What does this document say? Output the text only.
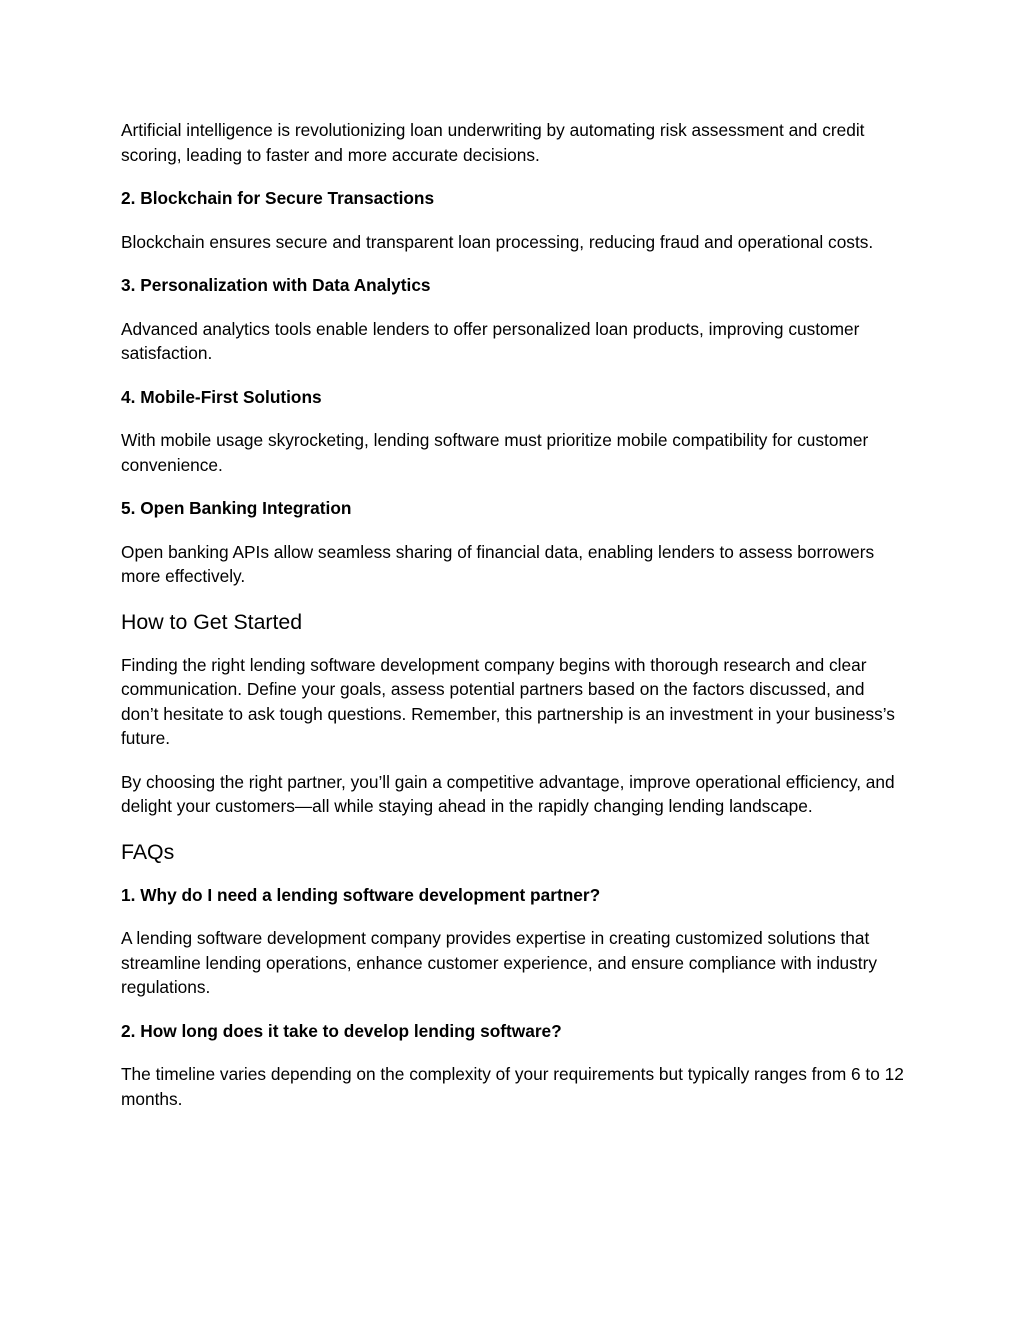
Artificial intelligence is revolutionizing loan underwriting by automating risk assessment and credit scoring, leading to faster and more accurate decisions.

2. Blockchain for Secure Transactions

Blockchain ensures secure and transparent loan processing, reducing fraud and operational costs.

3. Personalization with Data Analytics

Advanced analytics tools enable lenders to offer personalized loan products, improving customer satisfaction.

4. Mobile-First Solutions

With mobile usage skyrocketing, lending software must prioritize mobile compatibility for customer convenience.

5. Open Banking Integration

Open banking APIs allow seamless sharing of financial data, enabling lenders to assess borrowers more effectively.

How to Get Started

Finding the right lending software development company begins with thorough research and clear communication. Define your goals, assess potential partners based on the factors discussed, and don’t hesitate to ask tough questions. Remember, this partnership is an investment in your business’s future.

By choosing the right partner, you’ll gain a competitive advantage, improve operational efficiency, and delight your customers—all while staying ahead in the rapidly changing lending landscape.

FAQs
1. Why do I need a lending software development partner?

A lending software development company provides expertise in creating customized solutions that streamline lending operations, enhance customer experience, and ensure compliance with industry regulations.

2. How long does it take to develop lending software?

The timeline varies depending on the complexity of your requirements but typically ranges from 6 to 12 months.
